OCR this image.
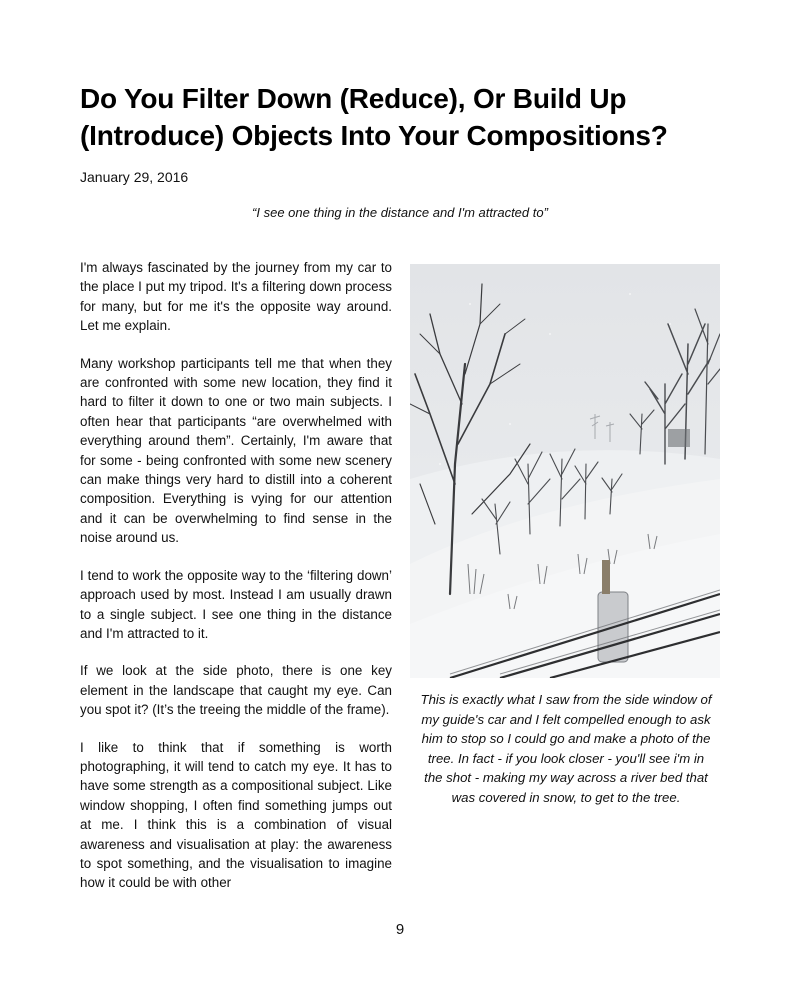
Do You Filter Down (Reduce), Or Build Up (Introduce) Objects Into Your Compositions?
January 29, 2016
“I see one thing in the distance and I'm attracted to”

I'm always fascinated by the journey from my car to the place I put my tripod. It's a filtering down process for many, but for me it's the opposite way around. Let me explain.

Many workshop participants tell me that when they are confronted with some new location, they find it hard to filter it down to one or two main subjects. I often hear that participants “are overwhelmed with everything around them”. Certainly, I'm aware that for some - being confronted with some new scenery can make things very hard to distill into a coherent composition. Everything is vying for our attention and it can be overwhelming to find sense in the noise around us.

I tend to work the opposite way to the ‘filtering down’ approach used by most. Instead I am usually drawn to a single subject. I see one thing in the distance and I'm attracted to it.

If we look at the side photo, there is one key element in the landscape that caught my eye. Can you spot it? (It’s the treeing the middle of the frame).

I like to think that if something is worth photographing, it will tend to catch my eye. It has to have some strength as a compositional subject. Like window shopping, I often find something jumps out at me. I think this is a combination of visual awareness and visualisation at play: the awareness to spot something, and the visualisation to imagine how it could be with other

This is exactly what I saw from the side window of my guide's car and I felt compelled enough to ask him to stop so I could go and make a photo of the tree. In fact - if you look closer - you'll see i'm in the shot - making my way across a river bed that was covered in snow, to get to the tree.

9
